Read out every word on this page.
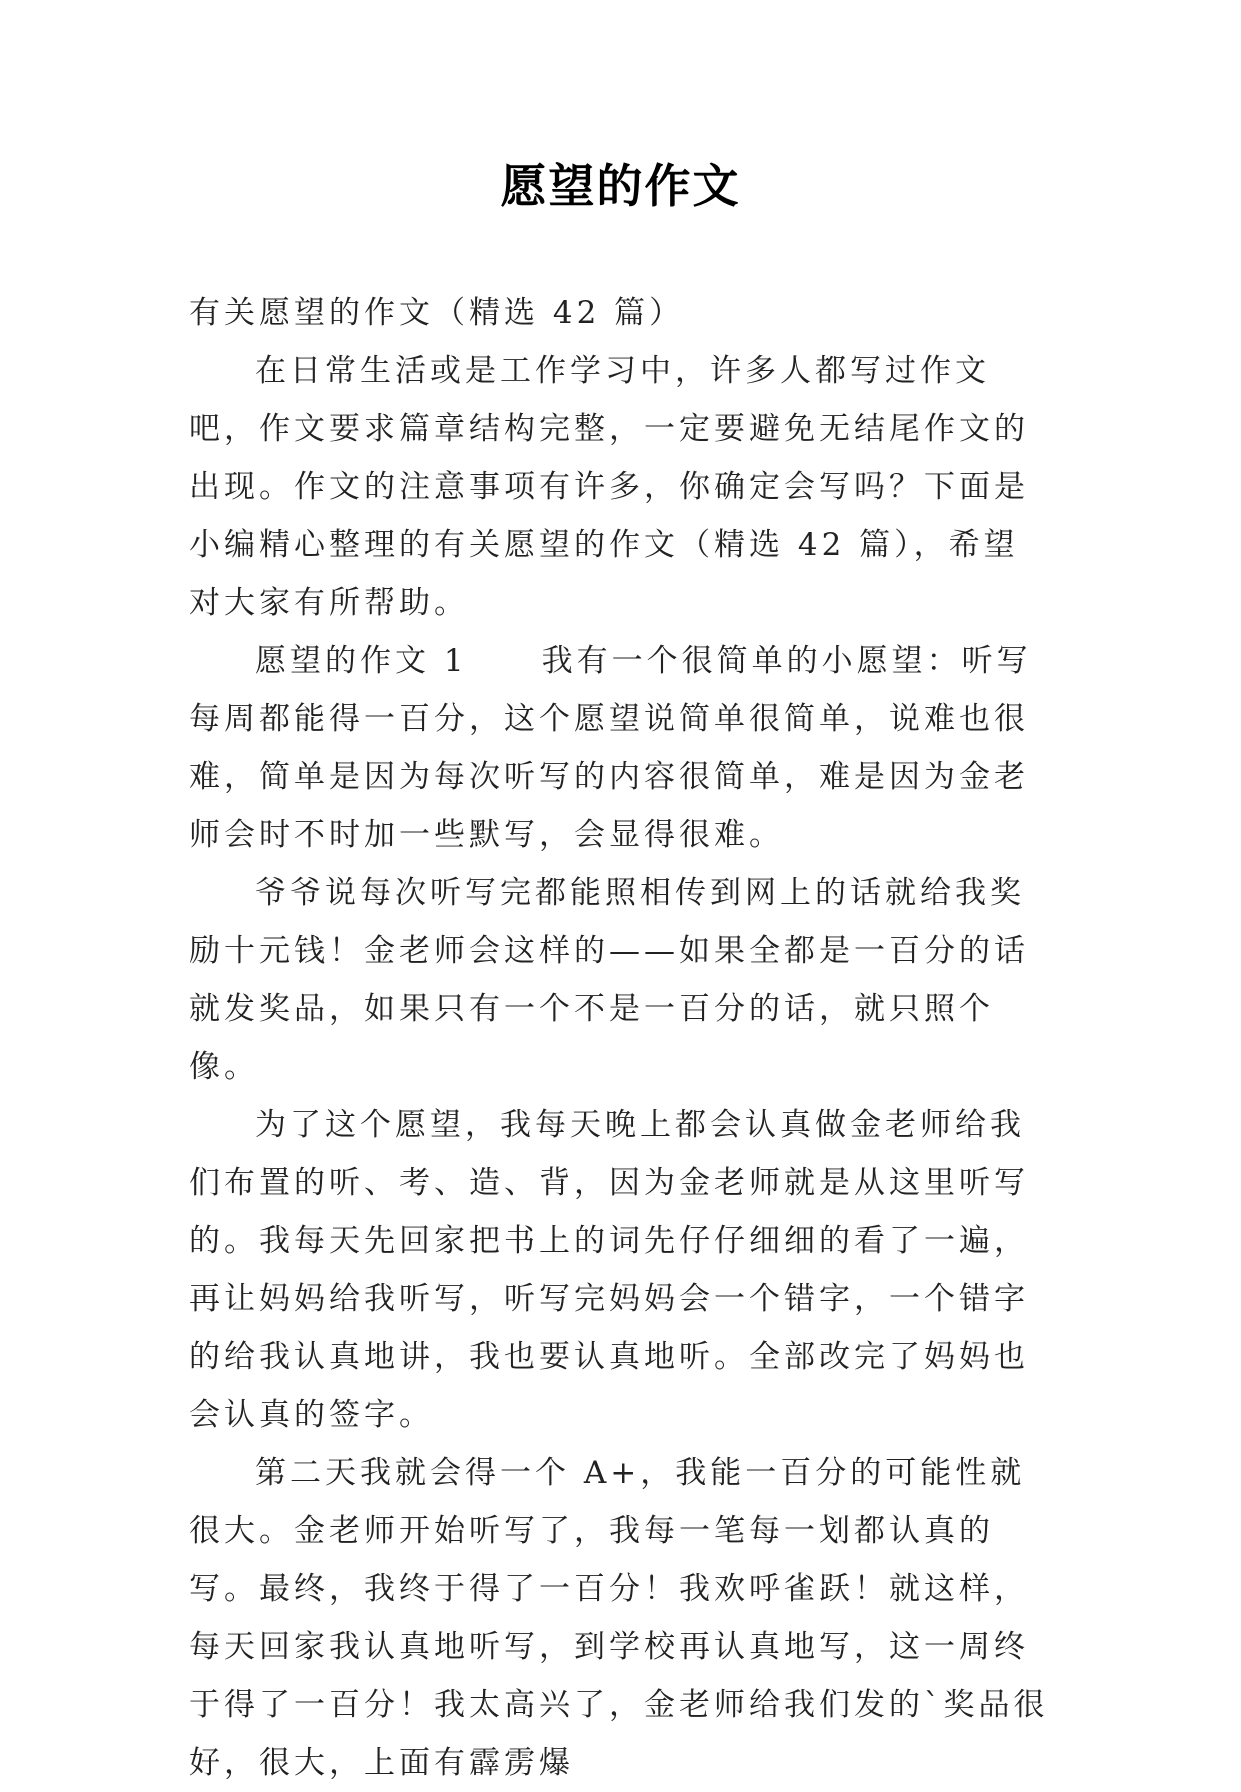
愿望的作文

有关愿望的作文（精选 42 篇）

在日常生活或是工作学习中，许多人都写过作文吧，作文要求篇章结构完整，一定要避免无结尾作文的出现。作文的注意事项有许多，你确定会写吗？下面是小编精心整理的有关愿望的作文（精选 42 篇），希望对大家有所帮助。

愿望的作文 1 我有一个很简单的小愿望：听写每周都能得一百分，这个愿望说简单很简单，说难也很难，简单是因为每次听写的内容很简单，难是因为金老师会时不时加一些默写，会显得很难。

爷爷说每次听写完都能照相传到网上的话就给我奖励十元钱！金老师会这样的——如果全都是一百分的话就发奖品，如果只有一个不是一百分的话，就只照个像。

为了这个愿望，我每天晚上都会认真做金老师给我们布置的听、考、造、背，因为金老师就是从这里听写的。我每天先回家把书上的词先仔仔细细的看了一遍，再让妈妈给我听写，听写完妈妈会一个错字，一个错字的给我认真地讲，我也要认真地听。全部改完了妈妈也会认真的签字。

第二天我就会得一个 A+，我能一百分的可能性就很大。金老师开始听写了，我每一笔每一划都认真的写。最终，我终于得了一百分！我欢呼雀跃！就这样，每天回家我认真地听写，到学校再认真地写，这一周终于得了一百分！我太高兴了，金老师给我们发的`奖品很好，很大，上面有霹雳爆
